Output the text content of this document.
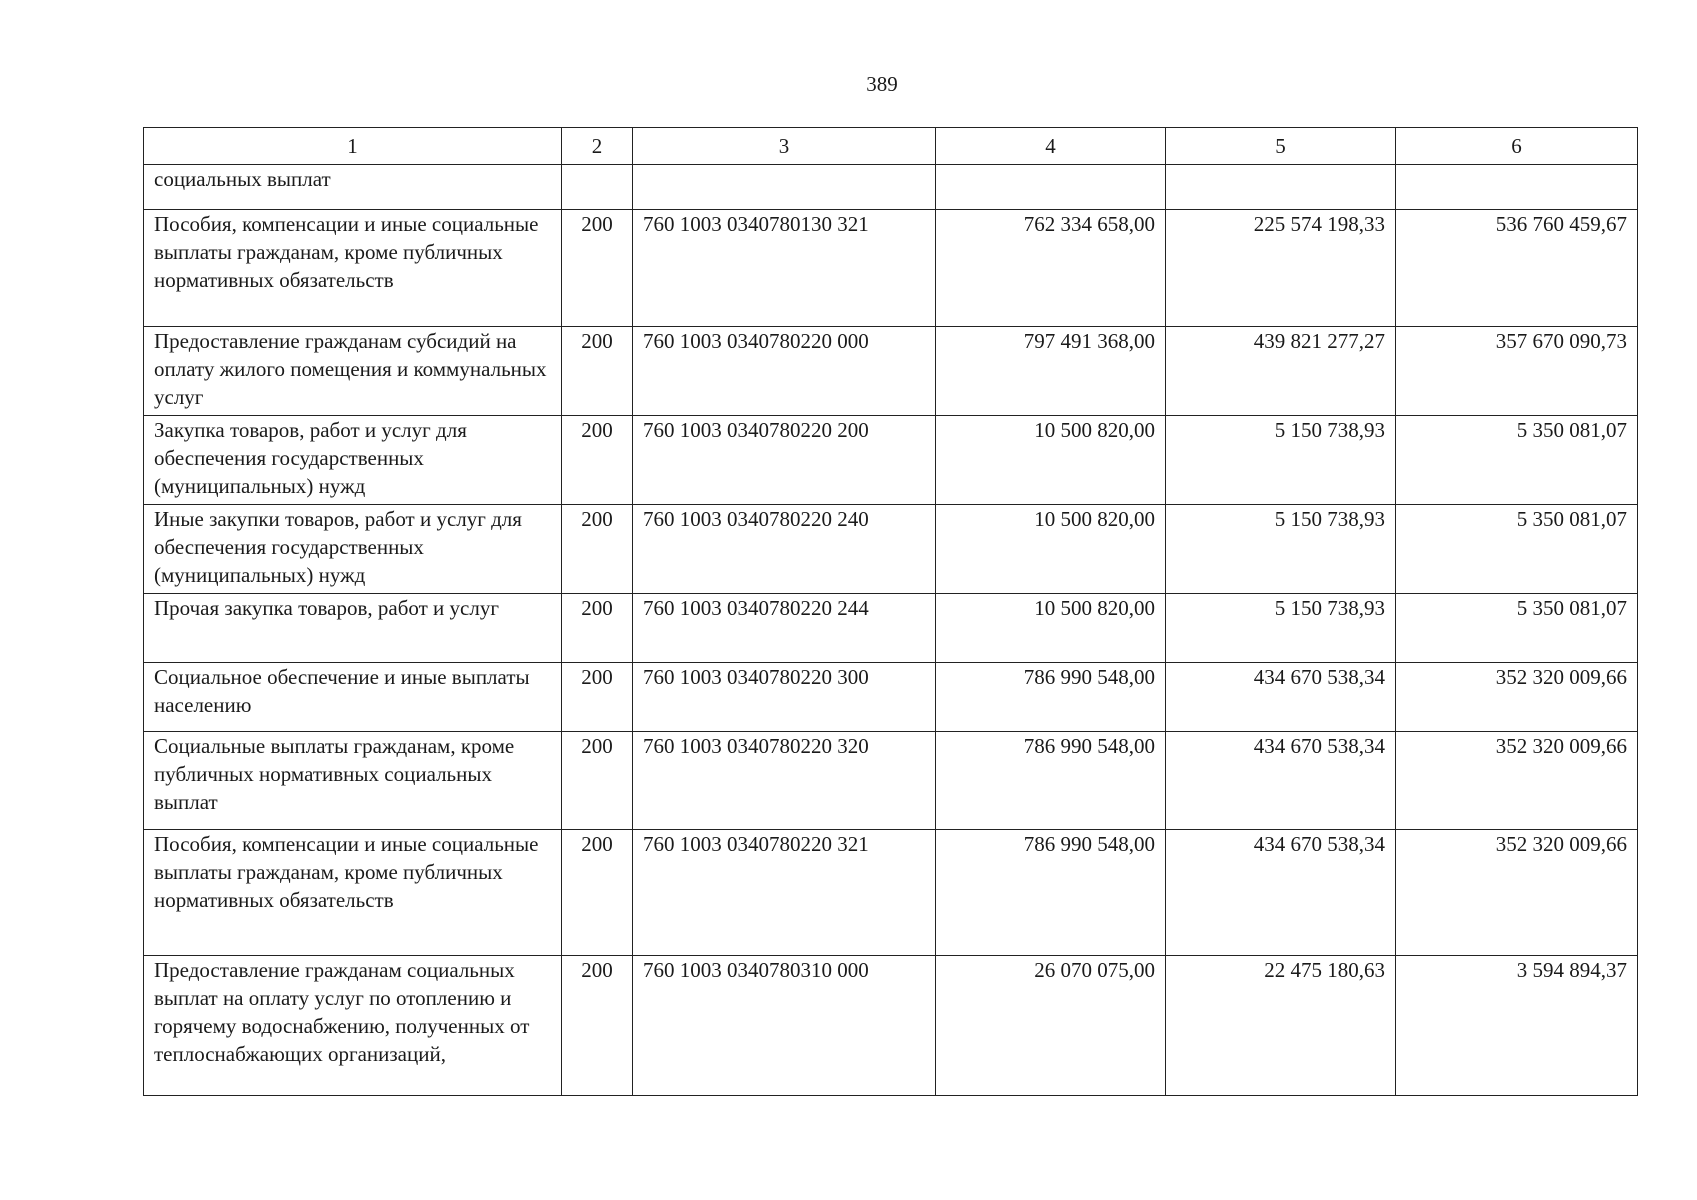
389
1	2	3	4	5	6
социальных выплат					
Пособия, компенсации и иные социальные выплаты гражданам, кроме публичных нормативных обязательств	200	760 1003 0340780130 321	762 334 658,00	225 574 198,33	536 760 459,67
Предоставление гражданам субсидий на оплату жилого помещения и коммунальных услуг	200	760 1003 0340780220 000	797 491 368,00	439 821 277,27	357 670 090,73
Закупка товаров, работ и услуг для обеспечения государственных (муниципальных) нужд	200	760 1003 0340780220 200	10 500 820,00	5 150 738,93	5 350 081,07
Иные закупки товаров, работ и услуг для обеспечения государственных (муниципальных) нужд	200	760 1003 0340780220 240	10 500 820,00	5 150 738,93	5 350 081,07
Прочая закупка товаров, работ и услуг	200	760 1003 0340780220 244	10 500 820,00	5 150 738,93	5 350 081,07
Социальное обеспечение и иные выплаты населению	200	760 1003 0340780220 300	786 990 548,00	434 670 538,34	352 320 009,66
Социальные выплаты гражданам, кроме публичных нормативных социальных выплат	200	760 1003 0340780220 320	786 990 548,00	434 670 538,34	352 320 009,66
Пособия, компенсации и иные социальные выплаты гражданам, кроме публичных нормативных обязательств	200	760 1003 0340780220 321	786 990 548,00	434 670 538,34	352 320 009,66
Предоставление гражданам социальных выплат на оплату услуг по отоплению и горячему водоснабжению, полученных от теплоснабжающих организаций,	200	760 1003 0340780310 000	26 070 075,00	22 475 180,63	3 594 894,37
